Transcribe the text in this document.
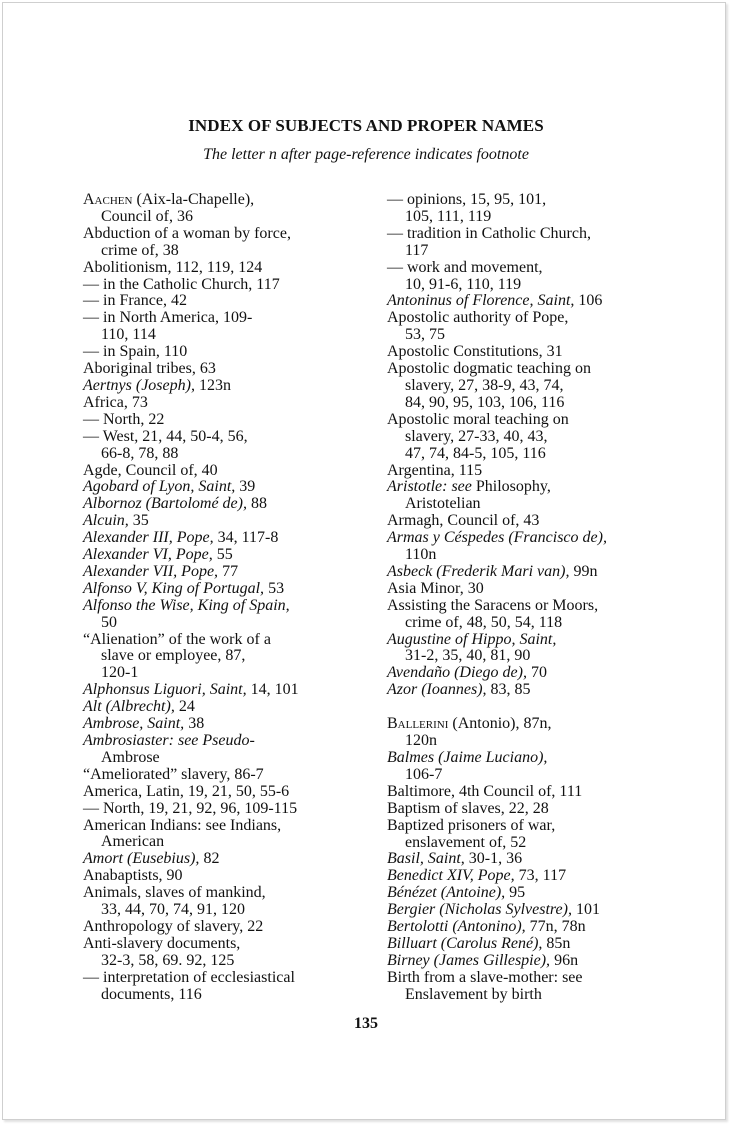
INDEX OF SUBJECTS AND PROPER NAMES
The letter n after page-reference indicates footnote
Aachen (Aix-la-Chapelle),
Council of, 36
Abduction of a woman by force,
crime of, 38
Abolitionism, 112, 119, 124
— in the Catholic Church, 117
— in France, 42
— in North America, 109-
110, 114
— in Spain, 110
Aboriginal tribes, 63
Aertnys (Joseph), 123n
Africa, 73
— North, 22
— West, 21, 44, 50-4, 56,
66-8, 78, 88
Agde, Council of, 40
Agobard of Lyon, Saint, 39
Albornoz (Bartolomé de), 88
Alcuin, 35
Alexander III, Pope, 34, 117-8
Alexander VI, Pope, 55
Alexander VII, Pope, 77
Alfonso V, King of Portugal, 53
Alfonso the Wise, King of Spain,
50
“Alienation” of the work of a
slave or employee, 87,
120-1
Alphonsus Liguori, Saint, 14, 101
Alt (Albrecht), 24
Ambrose, Saint, 38
Ambrosiaster: see Pseudo-
Ambrose
“Ameliorated” slavery, 86-7
America, Latin, 19, 21, 50, 55-6
— North, 19, 21, 92, 96, 109-115
American Indians: see Indians,
American
Amort (Eusebius), 82
Anabaptists, 90
Animals, slaves of mankind,
33, 44, 70, 74, 91, 120
Anthropology of slavery, 22
Anti-slavery documents,
32-3, 58, 69. 92, 125
— interpretation of ecclesiastical
documents, 116
— opinions, 15, 95, 101,
105, 111, 119
— tradition in Catholic Church,
117
— work and movement,
10, 91-6, 110, 119
Antoninus of Florence, Saint, 106
Apostolic authority of Pope,
53, 75
Apostolic Constitutions, 31
Apostolic dogmatic teaching on
slavery, 27, 38-9, 43, 74,
84, 90, 95, 103, 106, 116
Apostolic moral teaching on
slavery, 27-33, 40, 43,
47, 74, 84-5, 105, 116
Argentina, 115
Aristotle: see Philosophy,
Aristotelian
Armagh, Council of, 43
Armas y Céspedes (Francisco de),
110n
Asbeck (Frederik Mari van), 99n
Asia Minor, 30
Assisting the Saracens or Moors,
crime of, 48, 50, 54, 118
Augustine of Hippo, Saint,
31-2, 35, 40, 81, 90
Avendaño (Diego de), 70
Azor (Ioannes), 83, 85
Ballerini (Antonio), 87n,
120n
Balmes (Jaime Luciano),
106-7
Baltimore, 4th Council of, 111
Baptism of slaves, 22, 28
Baptized prisoners of war,
enslavement of, 52
Basil, Saint, 30-1, 36
Benedict XIV, Pope, 73, 117
Bénézet (Antoine), 95
Bergier (Nicholas Sylvestre), 101
Bertolotti (Antonino), 77n, 78n
Billuart (Carolus René), 85n
Birney (James Gillespie), 96n
Birth from a slave-mother: see
Enslavement by birth
135
